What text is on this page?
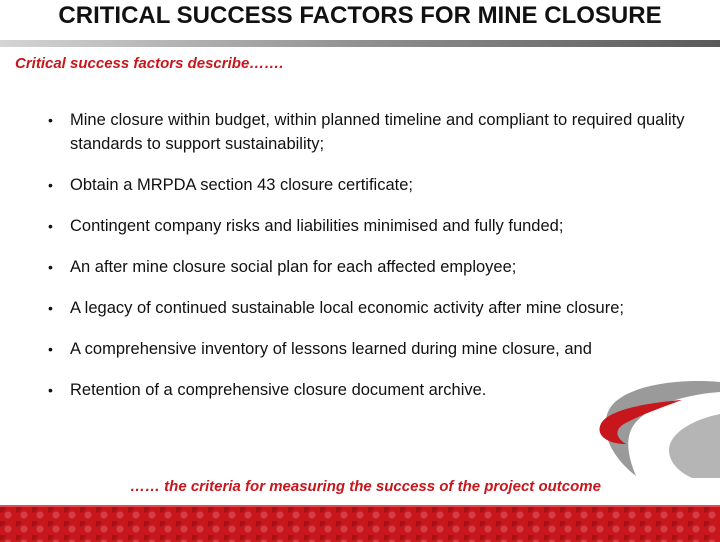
CRITICAL SUCCESS FACTORS FOR MINE CLOSURE
Critical success factors describe…….
• Mine closure within budget, within planned timeline and compliant to required quality standards to support sustainability;
• Obtain a MRPDA section 43 closure certificate;
• Contingent company risks and liabilities minimised and fully funded;
• An after mine closure social plan for each affected employee;
• A legacy of continued sustainable local economic activity after mine closure;
• A comprehensive inventory of lessons learned during mine closure, and
• Retention of a comprehensive closure document archive.
…… the criteria for measuring the success of the project outcome
